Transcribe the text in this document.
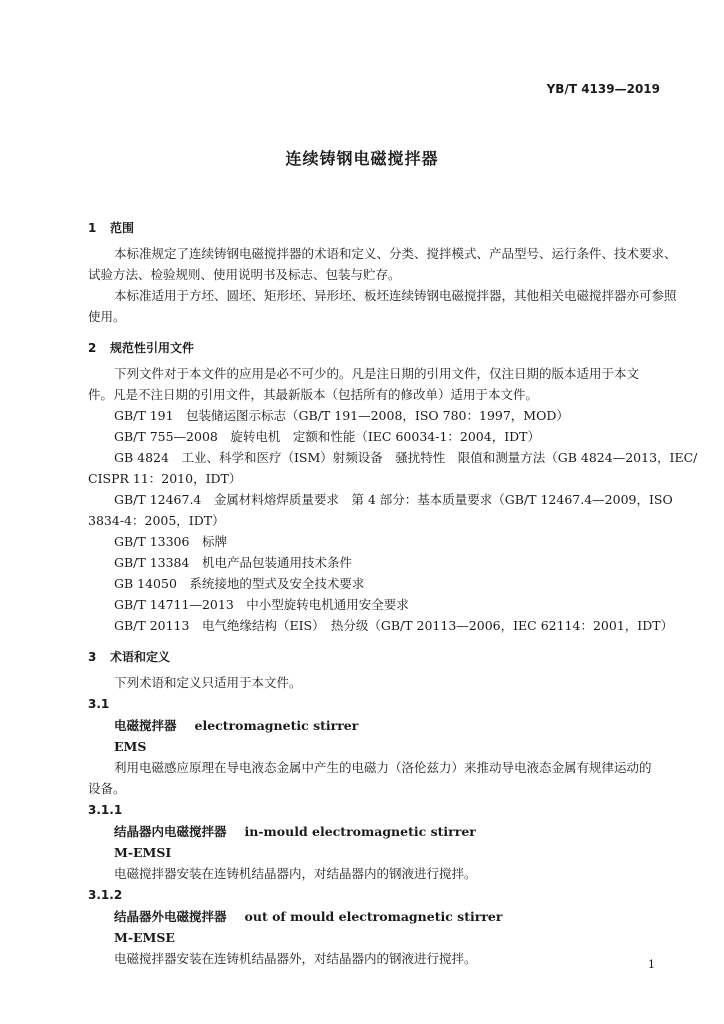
YB/T 4139—2019
连续铸钢电磁搅拌器
1 范围
本标准规定了连续铸钢电磁搅拌器的术语和定义、分类、搅拌模式、产品型号、运行条件、技术要求、
试验方法、检验规则、使用说明书及标志、包装与贮存。
本标准适用于方坯、圆坯、矩形坯、异形坯、板坯连续铸钢电磁搅拌器，其他相关电磁搅拌器亦可参照
使用。
2 规范性引用文件
下列文件对于本文件的应用是必不可少的。凡是注日期的引用文件，仅注日期的版本适用于本文
件。凡是不注日期的引用文件，其最新版本（包括所有的修改单）适用于本文件。
GB/T 191　包装储运图示标志（GB/T 191—2008，ISO 780：1997，MOD）
GB/T 755—2008　旋转电机　定额和性能（IEC 60034-1：2004，IDT）
GB 4824　工业、科学和医疗（ISM）射频设备　骚扰特性　限值和测量方法（GB 4824—2013，IEC/
CISPR 11：2010，IDT）
GB/T 12467.4　金属材料熔焊质量要求　第 4 部分：基本质量要求（GB/T 12467.4—2009，ISO
3834-4：2005，IDT）
GB/T 13306　标牌
GB/T 13384　机电产品包装通用技术条件
GB 14050　系统接地的型式及安全技术要求
GB/T 14711—2013　中小型旋转电机通用安全要求
GB/T 20113　电气绝缘结构（EIS）　热分级（GB/T 20113—2006，IEC 62114：2001，IDT）
3 术语和定义
下列术语和定义只适用于本文件。
3.1
电磁搅拌器 electromagnetic stirrer
EMS
利用电磁感应原理在导电液态金属中产生的电磁力（洛伦兹力）来推动导电液态金属有规律运动的
设备。
3.1.1
结晶器内电磁搅拌器 in-mould electromagnetic stirrer
M-EMSI
电磁搅拌器安装在连铸机结晶器内，对结晶器内的钢液进行搅拌。
3.1.2
结晶器外电磁搅拌器 out of mould electromagnetic stirrer
M-EMSE
电磁搅拌器安装在连铸机结晶器外，对结晶器内的钢液进行搅拌。	1
